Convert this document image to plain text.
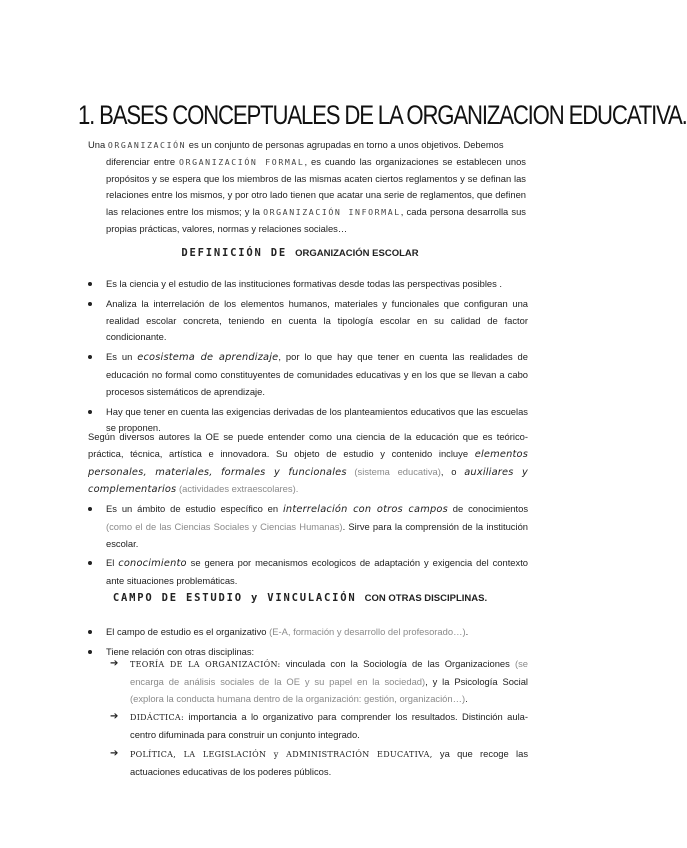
1. BASES CONCEPTUALES DE LA ORGANIZACION EDUCATIVA.
Una ORGANIZACIÓN es un conjunto de personas agrupadas en torno a unos objetivos. Debemos
diferenciar entre ORGANIZACIÓN FORMAL, es cuando las organizaciones se establecen unos propósitos y se espera que los miembros de las mismas acaten ciertos reglamentos y se definan las relaciones entre los mismos, y por otro lado tienen que acatar una serie de reglamentos, que definen las relaciones entre los mismos; y la ORGANIZACIÓN INFORMAL, cada persona desarrolla sus propias prácticas, valores, normas y relaciones sociales…
DEFINICIÓN DE ORGANIZACIÓN ESCOLAR
Es la ciencia y el estudio de las instituciones formativas desde todas las perspectivas posibles .
Analiza la interrelación de los elementos humanos, materiales y funcionales que configuran una realidad escolar concreta, teniendo en cuenta la tipología escolar en su calidad de factor condicionante.
Es un ecosistema de aprendizaje, por lo que hay que tener en cuenta las realidades de educación no formal como constituyentes de comunidades educativas y en los que se llevan a cabo procesos sistemáticos de aprendizaje.
Hay que tener en cuenta las exigencias derivadas de los planteamientos educativos que las escuelas se proponen.
Según diversos autores la OE se puede entender como una ciencia de la educación que es teórico-práctica, técnica, artística e innovadora. Su objeto de estudio y contenido incluye elementos personales, materiales, formales y funcionales (sistema educativa), o auxiliares y complementarios (actividades extraescolares).
Es un ámbito de estudio específico en interrelación con otros campos de conocimientos (como el de las Ciencias Sociales y Ciencias Humanas). Sirve para la comprensión de la institución escolar.
El conocimiento se genera por mecanismos ecologicos de adaptación y exigencia del contexto ante situaciones problemáticas.
CAMPO DE ESTUDIO y VINCULACIÓN CON OTRAS DISCIPLINAS.
El campo de estudio es el organizativo (E-A, formación y desarrollo del profesorado…).
Tiene relación con otras disciplinas:
➔ TEORÍA DE LA ORGANIZACIÓN: vinculada con la Sociología de las Organizaciones (se encarga de análisis sociales de la OE y su papel en la sociedad), y la Psicología Social (explora la conducta humana dentro de la organización: gestión, organización…).
➔ DIDÁCTICA: importancia a lo organizativo para comprender los resultados. Distinción aula-centro difuminada para construir un conjunto integrado.
➔ POLÍTICA, LA LEGISLACIÓN y ADMINISTRACIÓN EDUCATIVA, ya que recoge las actuaciones educativas de los poderes públicos.
